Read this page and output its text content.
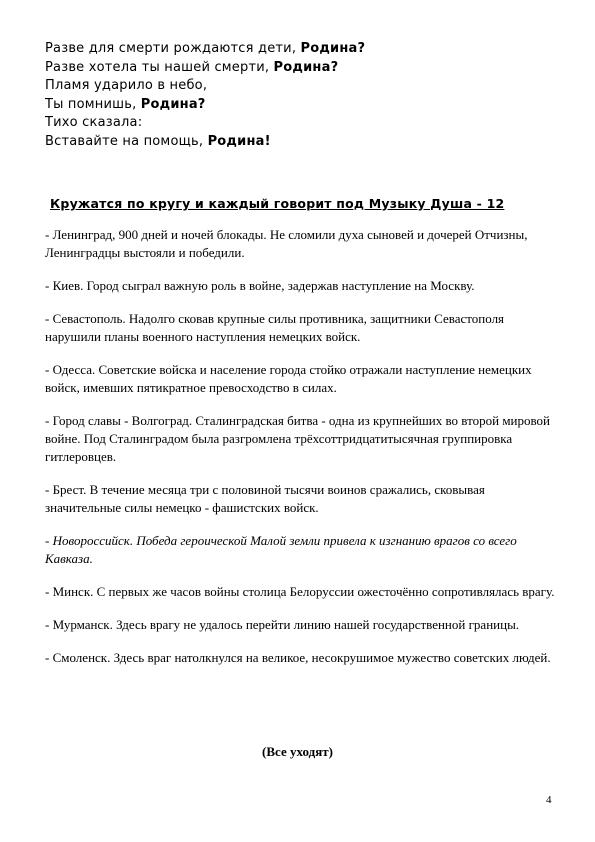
Разве для смерти рождаются дети, Родина?
Разве хотела ты нашей смерти, Родина?
Пламя ударило в небо,
Ты помнишь, Родина?
Тихо сказала:
Вставайте на помощь, Родина!
Кружатся по кругу и каждый говорит под Музыку Душа - 12

- Ленинград, 900 дней и ночей блокады. Не сломили духа сыновей и дочерей Отчизны, Ленинградцы выстояли и победили.

- Киев. Город сыграл важную роль в войне, задержав наступление на Москву.

- Севастополь. Надолго сковав крупные силы противника, защитники Севастополя нарушили планы военного наступления немецких войск.

- Одесса. Советские войска и население города стойко отражали наступление немецких войск, имевших пятикратное превосходство в силах.

- Город славы - Волгоград. Сталинградская битва - одна из крупнейших во второй мировой войне. Под Сталинградом была разгромлена трёхсоттридцатитысячная группировка гитлеровцев.

- Брест. В течение месяца три с половиной тысячи воинов сражались, сковывая значительные силы немецко - фашистских войск.

- Новороссийск. Победа героической Малой земли привела к изгнанию врагов со всего Кавказа.

- Минск. С первых же часов войны столица Белоруссии ожесточённо сопротивлялась врагу.

- Мурманск. Здесь врагу не удалось перейти линию нашей государственной границы.

- Смоленск. Здесь враг натолкнулся на великое, несокрушимое мужество советских людей.

(Все уходят)
4
